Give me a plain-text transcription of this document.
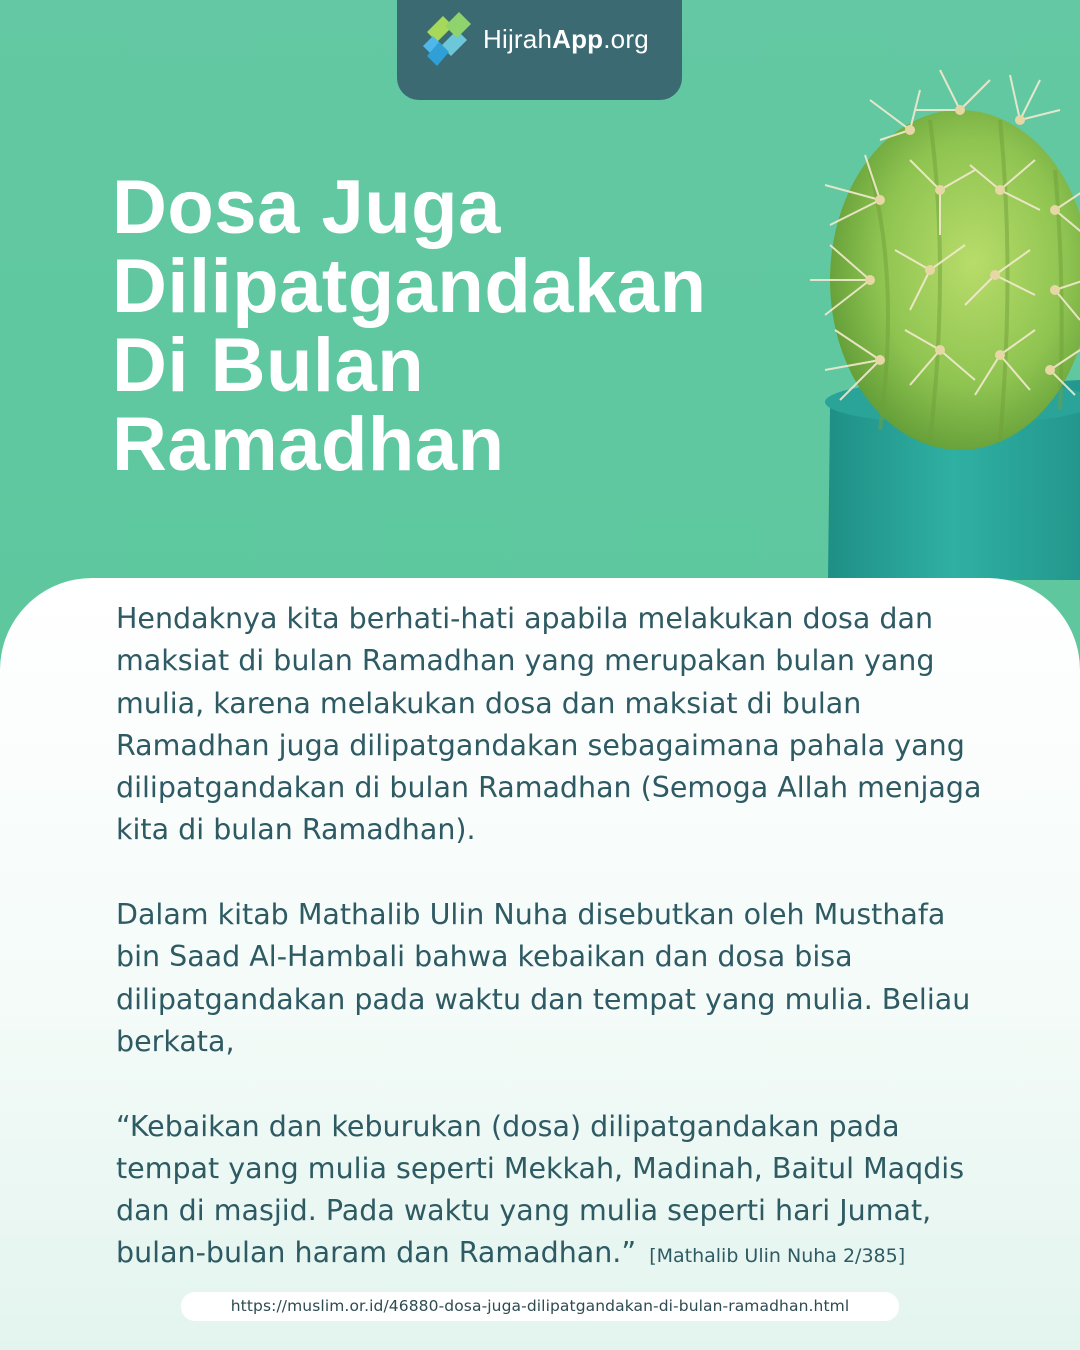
HijrahApp.org
Dosa Juga
Dilipatgandakan
Di Bulan
Ramadhan

Hendaknya kita berhati-hati apabila melakukan dosa dan maksiat di bulan Ramadhan yang merupakan bulan yang mulia, karena melakukan dosa dan maksiat di bulan Ramadhan juga dilipatgandakan sebagaimana pahala yang dilipatgandakan di bulan Ramadhan (Semoga Allah menjaga kita di bulan Ramadhan).

Dalam kitab Mathalib Ulin Nuha disebutkan oleh Musthafa bin Saad Al-Hambali bahwa kebaikan dan dosa bisa dilipatgandakan pada waktu dan tempat yang mulia. Beliau berkata,

“Kebaikan dan keburukan (dosa) dilipatgandakan pada tempat yang mulia seperti Mekkah, Madinah, Baitul Maqdis dan di masjid. Pada waktu yang mulia seperti hari Jumat, bulan-bulan haram dan Ramadhan.” [Mathalib Ulin Nuha 2/385]

https://muslim.or.id/46880-dosa-juga-dilipatgandakan-di-bulan-ramadhan.html
